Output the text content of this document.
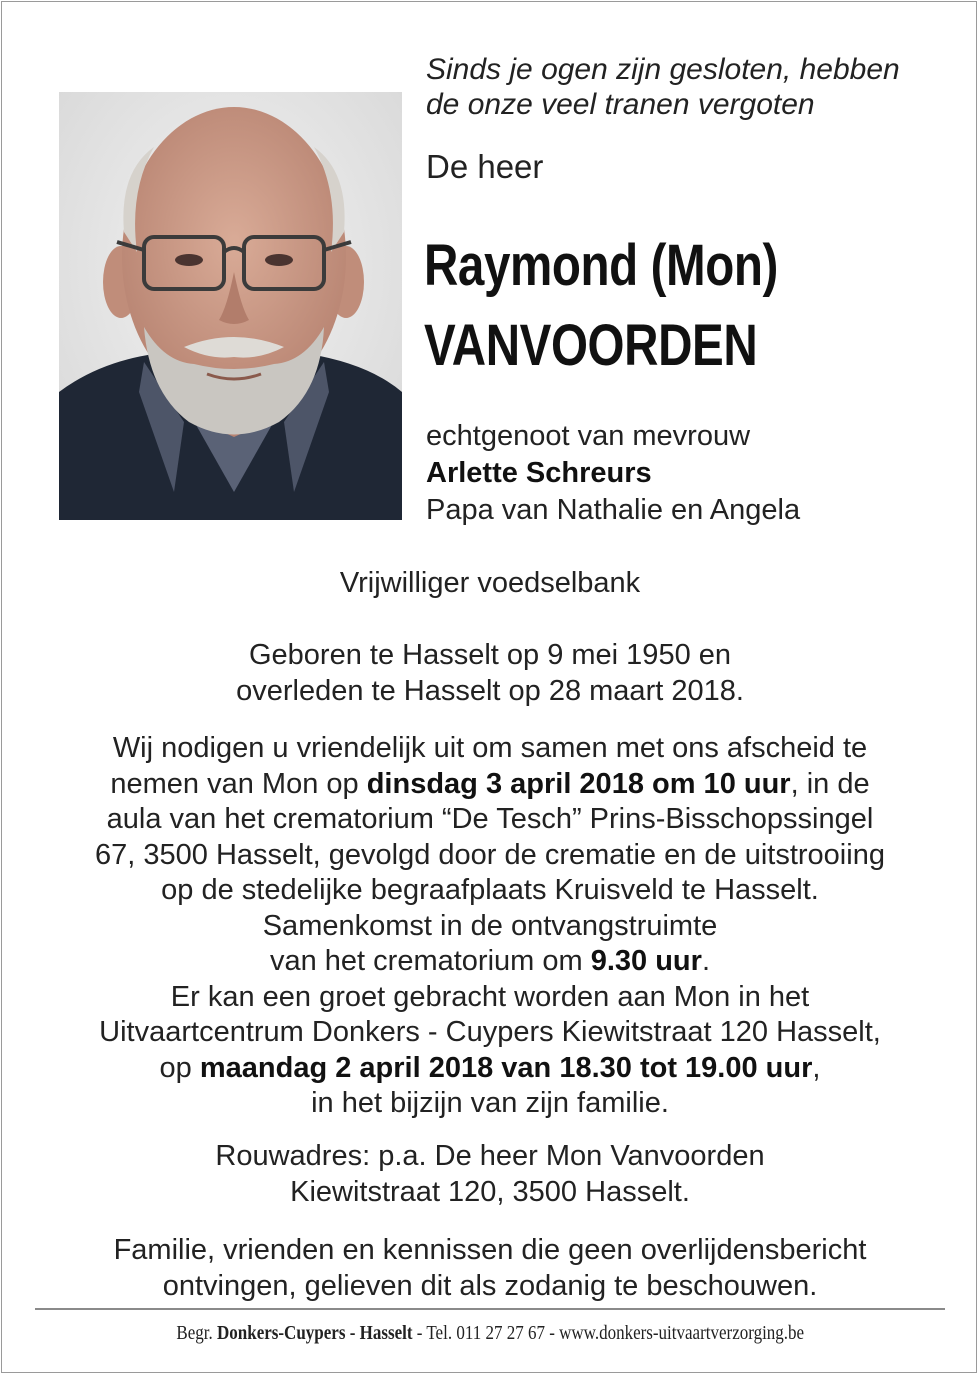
Sinds je ogen zijn gesloten, hebben
de onze veel tranen vergoten
De heer
Raymond (Mon)
VANVOORDEN
echtgenoot van mevrouw
Arlette Schreurs
Papa van Nathalie en Angela
Vrijwilliger voedselbank
Geboren te Hasselt op 9 mei 1950 en
overleden te Hasselt op 28 maart 2018.
Wij nodigen u vriendelijk uit om samen met ons afscheid te
nemen van Mon op dinsdag 3 april 2018 om 10 uur, in de
aula van het crematorium “De Tesch” Prins-Bisschopssingel
67, 3500 Hasselt, gevolgd door de crematie en de uitstrooiing
op de stedelijke begraafplaats Kruisveld te Hasselt.
Samenkomst in de ontvangstruimte
van het crematorium om 9.30 uur.
Er kan een groet gebracht worden aan Mon in het
Uitvaartcentrum Donkers - Cuypers Kiewitstraat 120 Hasselt,
op maandag 2 april 2018 van 18.30 tot 19.00 uur,
in het bijzijn van zijn familie.
Rouwadres: p.a. De heer Mon Vanvoorden
Kiewitstraat 120, 3500 Hasselt.
Familie, vrienden en kennissen die geen overlijdensbericht
ontvingen, gelieven dit als zodanig te beschouwen.
Begr. Donkers-Cuypers - Hasselt - Tel. 011 27 27 67 - www.donkers-uitvaartverzorging.be
